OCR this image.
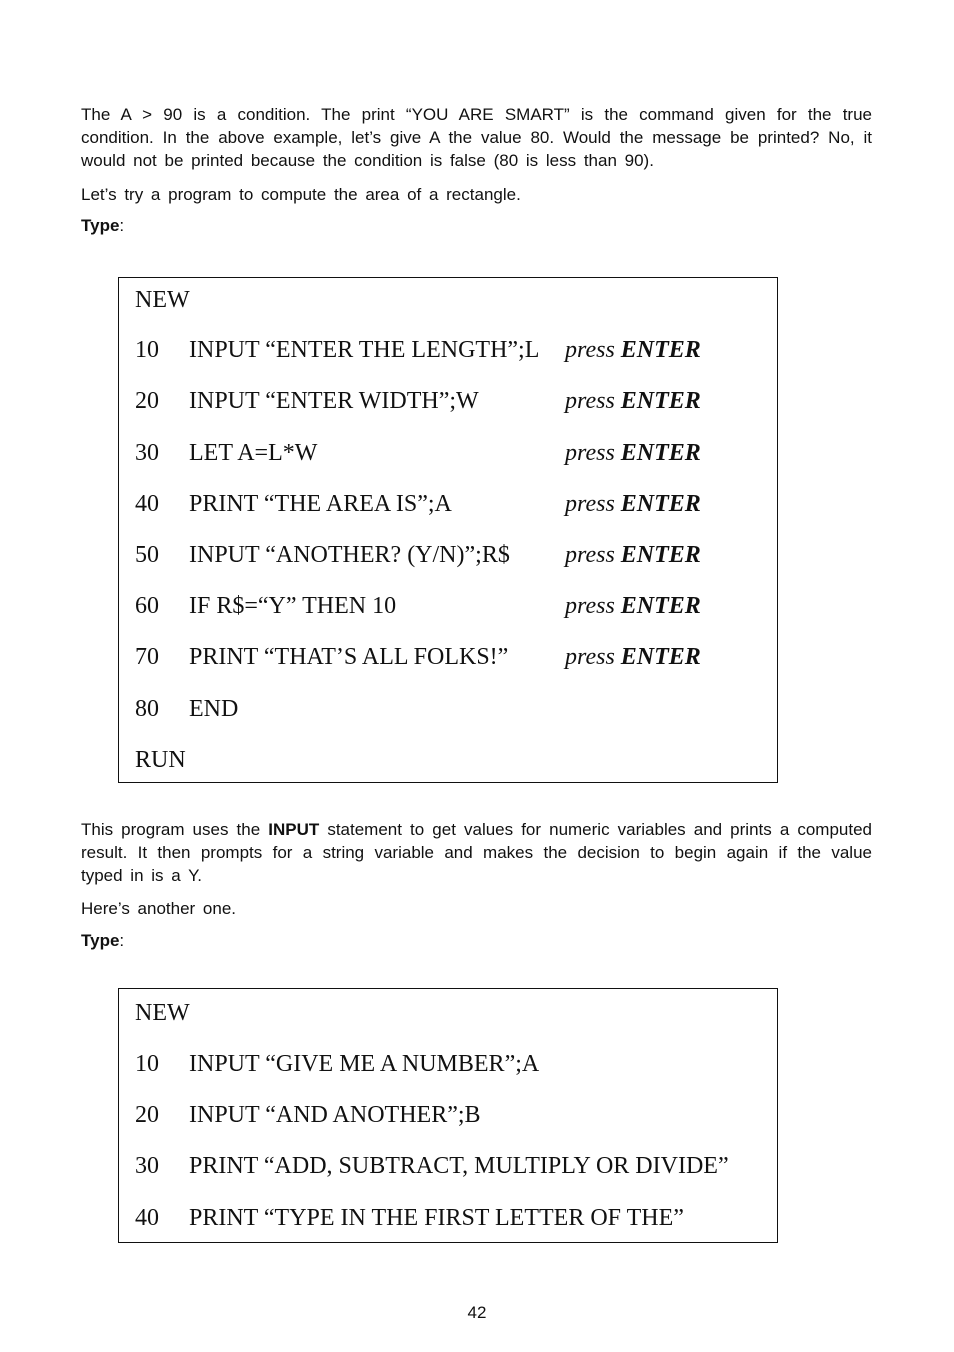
The A > 90 is a condition. The print “YOU ARE SMART” is the command given for the true condition. In the above example, let’s give A the value 80. Would the message be printed? No, it would not be printed because the condition is false (80 is less than 90).

Let’s try a program to compute the area of a rectangle.

Type:
NEW
10 INPUT “ENTER THE LENGTH”;L press ENTER
20 INPUT “ENTER WIDTH”;W	press ENTER
30 LET A=L*W	press ENTER
40 PRINT “THE AREA IS”;A	press ENTER
50 INPUT “ANOTHER? (Y/N)”;R$ press ENTER
60 IF R$=“Y” THEN 10	press ENTER
70 PRINT “THAT’S ALL FOLKS!” press ENTER
80 END
RUN

This program uses the INPUT statement to get values for numeric variables and prints a computed result. It then prompts for a string variable and makes the decision to begin again if the value typed in is a Y.

Here’s another one.

Type:
NEW
10 INPUT “GIVE ME A NUMBER”;A
20 INPUT “AND ANOTHER”;B
30 PRINT “ADD, SUBTRACT, MULTIPLY OR DIVIDE”
40 PRINT “TYPE IN THE FIRST LETTER OF THE”
42
